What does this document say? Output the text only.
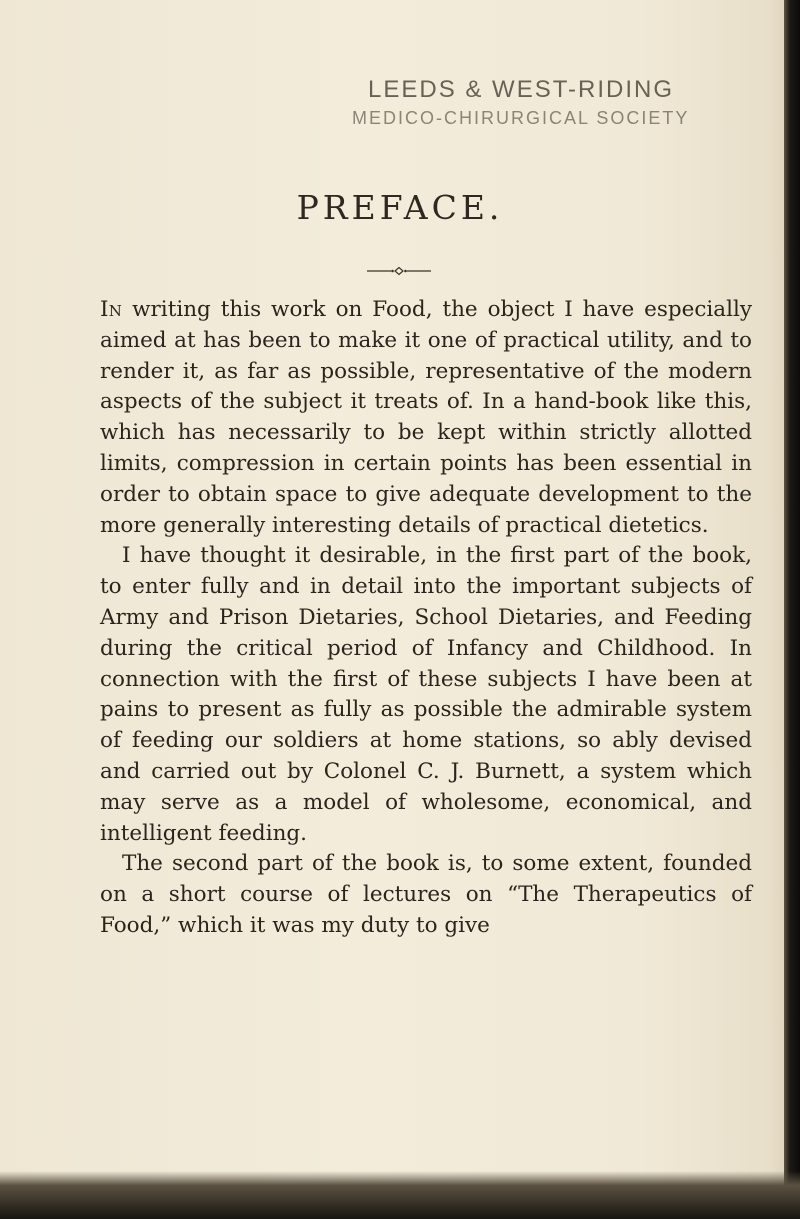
LEEDS & WEST-RIDING
MEDICO-CHIRURGICAL SOCIETY
PREFACE.

In writing this work on Food, the object I have especially aimed at has been to make it one of practical utility, and to render it, as far as possible, representative of the modern aspects of the subject it treats of. In a hand-book like this, which has necessarily to be kept within strictly allotted limits, compression in certain points has been essential in order to obtain space to give adequate development to the more generally interesting details of practical dietetics.

I have thought it desirable, in the first part of the book, to enter fully and in detail into the important subjects of Army and Prison Dietaries, School Dietaries, and Feeding during the critical period of Infancy and Childhood. In connection with the first of these subjects I have been at pains to present as fully as possible the admirable system of feeding our soldiers at home stations, so ably devised and carried out by Colonel C. J. Burnett, a system which may serve as a model of wholesome, economical, and intelligent feeding.

The second part of the book is, to some extent, founded on a short course of lectures on “The Therapeutics of Food,” which it was my duty to give
